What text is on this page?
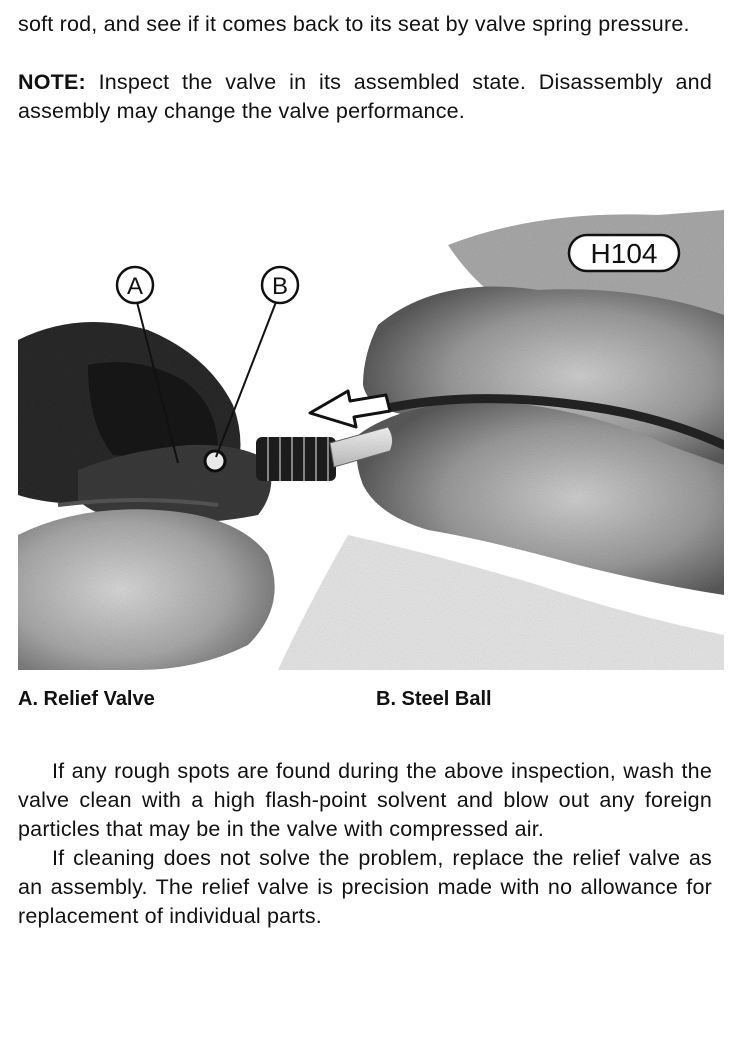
soft rod, and see if it comes back to its seat by valve spring pressure.
NOTE: Inspect the valve in its assembled state. Disassembly and assembly may change the valve performance.
A	B
H104
A. Relief Valve	B. Steel Ball

If any rough spots are found during the above inspection, wash the valve clean with a high flash-point solvent and blow out any foreign particles that may be in the valve with compressed air.

If cleaning does not solve the problem, replace the relief valve as an assembly. The relief valve is precision made with no allowance for replacement of individual parts.
